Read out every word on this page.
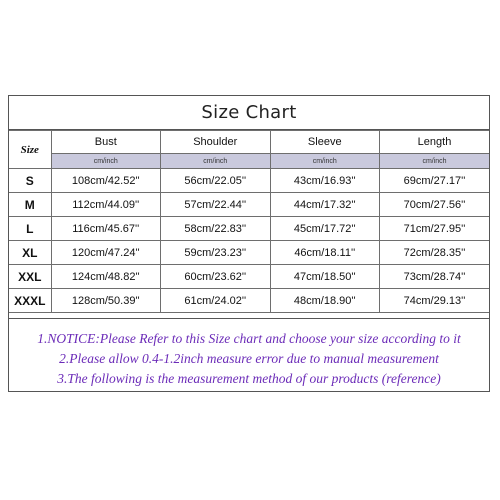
Size Chart
Size	Bust	Shoulder	Sleeve	Length
	cm/inch	cm/inch	cm/inch	cm/inch
S	108cm/42.52''	56cm/22.05''	43cm/16.93''	69cm/27.17''
M	112cm/44.09''	57cm/22.44''	44cm/17.32''	70cm/27.56''
L	116cm/45.67''	58cm/22.83''	45cm/17.72''	71cm/27.95''
XL	120cm/47.24''	59cm/23.23''	46cm/18.11''	72cm/28.35''
XXL	124cm/48.82''	60cm/23.62''	47cm/18.50''	73cm/28.74''
XXXL	128cm/50.39''	61cm/24.02''	48cm/18.90''	74cm/29.13''
1.NOTICE:Please Refer to this Size chart and choose your size according to it
2.Please allow 0.4-1.2inch measure error due to manual measurement
3.The following is the measurement method of our products (reference)
